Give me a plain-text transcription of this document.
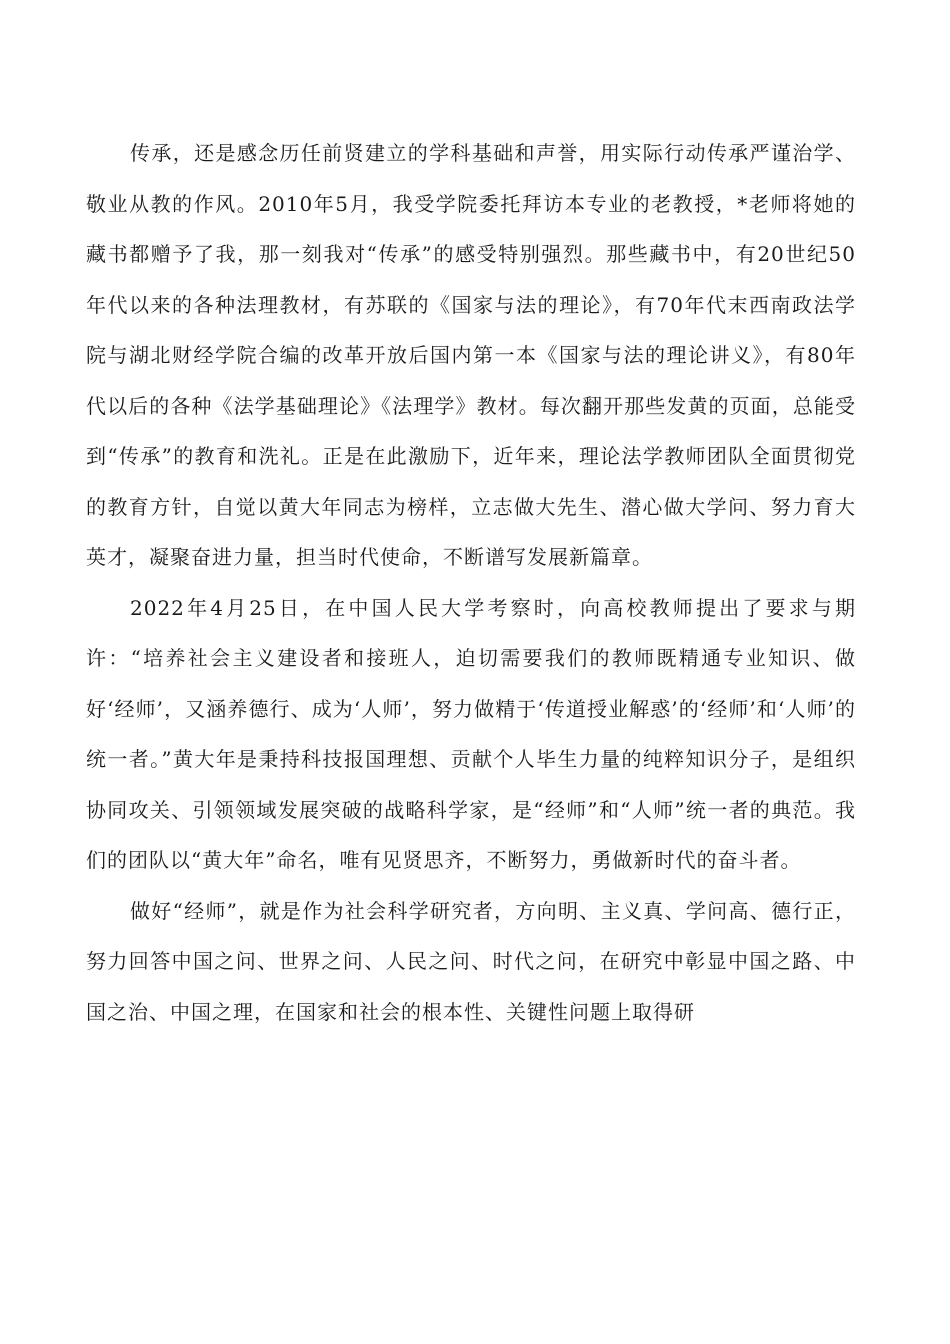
传承，还是感念历任前贤建立的学科基础和声誉，用实际行动传承严谨治学、敬业从教的作风。2010年5月，我受学院委托拜访本专业的老教授，*老师将她的藏书都赠予了我，那一刻我对“传承”的感受特别强烈。那些藏书中，有20世纪50年代以来的各种法理教材，有苏联的《国家与法的理论》，有70年代末西南政法学院与湖北财经学院合编的改革开放后国内第一本《国家与法的理论讲义》，有80年代以后的各种《法学基础理论》《法理学》教材。每次翻开那些发黄的页面，总能受到“传承”的教育和洗礼。正是在此激励下，近年来，理论法学教师团队全面贯彻党的教育方针，自觉以黄大年同志为榜样，立志做大先生、潜心做大学问、努力育大英才，凝聚奋进力量，担当时代使命，不断谱写发展新篇章。

2022年4月25日，在中国人民大学考察时，向高校教师提出了要求与期许：“培养社会主义建设者和接班人，迫切需要我们的教师既精通专业知识、做好‘经师’，又涵养德行、成为‘人师’，努力做精于‘传道授业解惑’的‘经师’和‘人师’的统一者。”黄大年是秉持科技报国理想、贡献个人毕生力量的纯粹知识分子，是组织协同攻关、引领领域发展突破的战略科学家，是“经师”和“人师”统一者的典范。我们的团队以“黄大年”命名，唯有见贤思齐，不断努力，勇做新时代的奋斗者。

做好“经师”，就是作为社会科学研究者，方向明、主义真、学问高、德行正，努力回答中国之问、世界之问、人民之问、时代之问，在研究中彰显中国之路、中国之治、中国之理，在国家和社会的根本性、关键性问题上取得研
